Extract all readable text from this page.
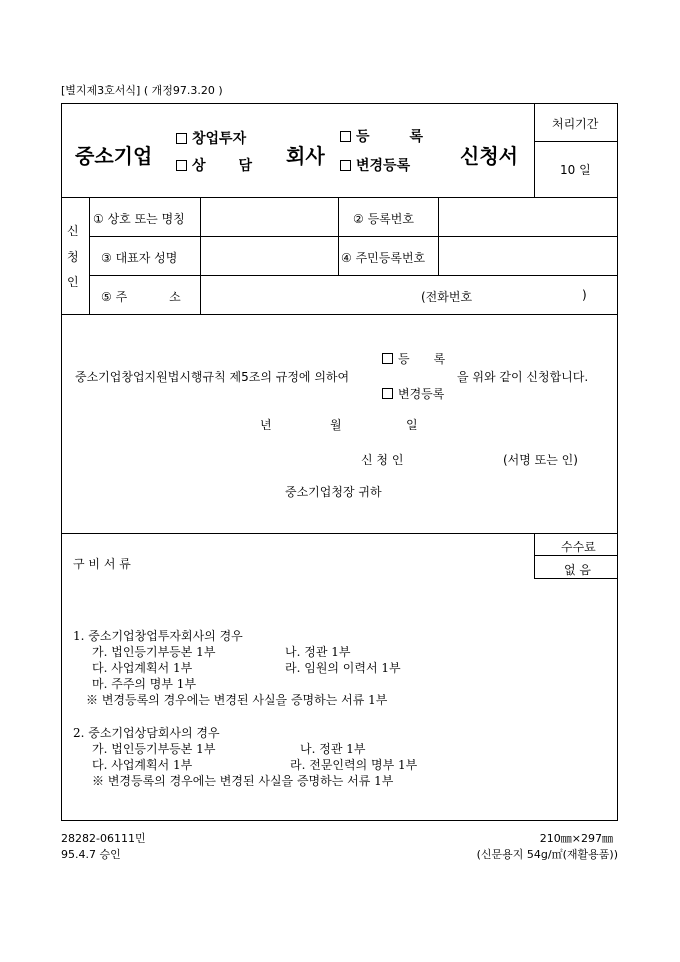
[별지제3호서식] ( 개정97.3.20 )
중소기업
창업투자
상 담 회사
등	록
변경등록 신청서
처리기간
10 일
신
청
인
① 상호 또는 명칭	② 등록번호
③ 대표자 성명	④ 주민등록번호
⑤ 주	소	(전화번호	)
중소기업창업지원법시행규칙 제5조의 규정에 의하여
등 록
변경등록
을 위와 같이 신청합니다.
년	월	일
신 청 인	(서명 또는 인)
중소기업청장 귀하
구 비 서 류
수수료
없 음
1. 중소기업창업투자회사의 경우
가. 법인등기부등본 1부	나. 정관 1부
다. 사업계획서 1부	라. 임원의 이력서 1부
마. 주주의 명부 1부
※ 변경등록의 경우에는 변경된 사실을 증명하는 서류 1부
2. 중소기업상담회사의 경우
가. 법인등기부등본 1부	나. 정관 1부
다. 사업계획서 1부	라. 전문인력의 명부 1부
※ 변경등록의 경우에는 변경된 사실을 증명하는 서류 1부
28282-06111민
95.4.7 승인
210㎜×297㎜
(신문용지 54g/㎡(재활용품))
